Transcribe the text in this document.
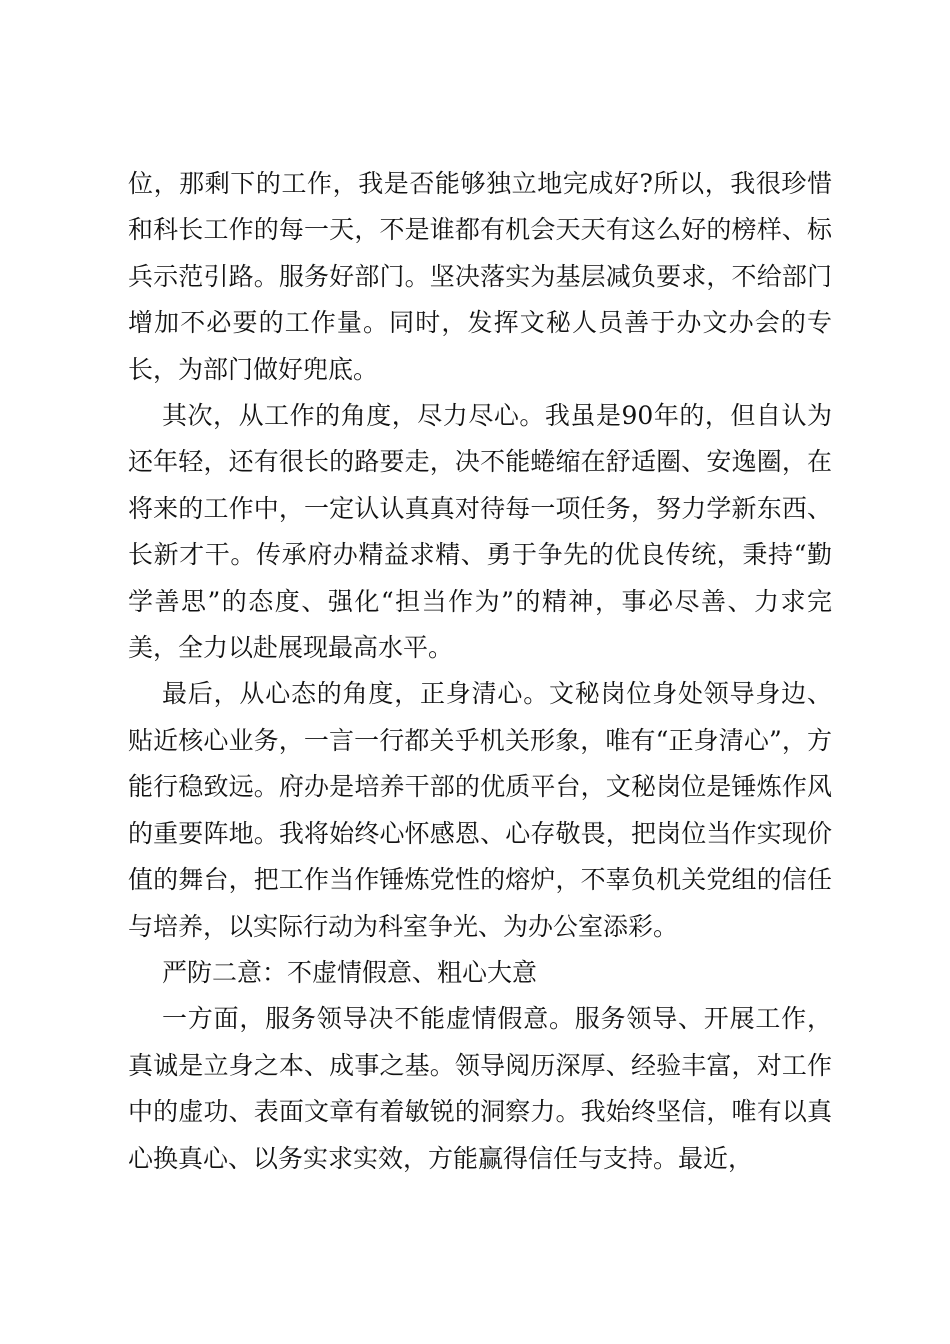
位，那剩下的工作，我是否能够独立地完成好?所以，我很珍惜和科长工作的每一天，不是谁都有机会天天有这么好的榜样、标兵示范引路。服务好部门。坚决落实为基层减负要求，不给部门增加不必要的工作量。同时，发挥文秘人员善于办文办会的专长，为部门做好兜底。

其次，从工作的角度，尽力尽心。我虽是90年的，但自认为还年轻，还有很长的路要走，决不能蜷缩在舒适圈、安逸圈，在将来的工作中，一定认认真真对待每一项任务，努力学新东西、长新才干。传承府办精益求精、勇于争先的优良传统，秉持“勤学善思”的态度、强化“担当作为”的精神，事必尽善、力求完美，全力以赴展现最高水平。

最后，从心态的角度，正身清心。文秘岗位身处领导身边、贴近核心业务，一言一行都关乎机关形象，唯有“正身清心”，方能行稳致远。府办是培养干部的优质平台，文秘岗位是锤炼作风的重要阵地。我将始终心怀感恩、心存敬畏，把岗位当作实现价值的舞台，把工作当作锤炼党性的熔炉，不辜负机关党组的信任与培养，以实际行动为科室争光、为办公室添彩。

严防二意：不虚情假意、粗心大意

一方面，服务领导决不能虚情假意。服务领导、开展工作，真诚是立身之本、成事之基。领导阅历深厚、经验丰富，对工作中的虚功、表面文章有着敏锐的洞察力。我始终坚信，唯有以真心换真心、以务实求实效，方能赢得信任与支持。最近，
